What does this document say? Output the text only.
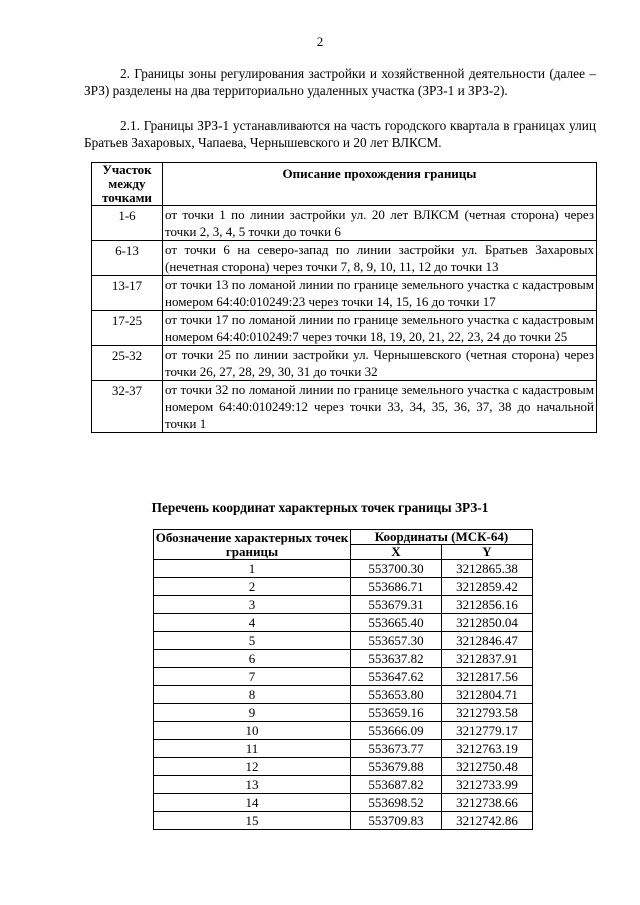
2

2. Границы зоны регулирования застройки и хозяйственной деятельности (далее – ЗРЗ) разделены на два территориально удаленных участка (ЗРЗ-1 и ЗРЗ-2).

2.1. Границы ЗРЗ-1 устанавливаются на часть городского квартала в границах улиц Братьев Захаровых, Чапаева, Чернышевского и 20 лет ВЛКСМ.

Участок между точками	Описание прохождения границы
1-6	от точки 1 по линии застройки ул. 20 лет ВЛКСМ (четная сторона) через точки 2, 3, 4, 5 точки до точки 6
6-13	от точки 6 на северо-запад по линии застройки ул. Братьев Захаровых (нечетная сторона) через точки 7, 8, 9, 10, 11, 12 до точки 13
13-17	от точки 13 по ломаной линии по границе земельного участка с кадастровым номером 64:40:010249:23 через точки 14, 15, 16 до точки 17
17-25	от точки 17 по ломаной линии по границе земельного участка с кадастровым номером 64:40:010249:7 через точки 18, 19, 20, 21, 22, 23, 24 до точки 25
25-32	от точки 25 по линии застройки ул. Чернышевского (четная сторона) через точки 26, 27, 28, 29, 30, 31 до точки 32
32-37	от точки 32 по ломаной линии по границе земельного участка с кадастровым номером 64:40:010249:12 через точки 33, 34, 35, 36, 37, 38 до начальной точки 1
Перечень координат характерных точек границы ЗРЗ-1
Обозначение характерных точек границы	Координаты (МСК-64)	
	X	Y
1	553700.30	3212865.38
2	553686.71	3212859.42
3	553679.31	3212856.16
4	553665.40	3212850.04
5	553657.30	3212846.47
6	553637.82	3212837.91
7	553647.62	3212817.56
8	553653.80	3212804.71
9	553659.16	3212793.58
10	553666.09	3212779.17
11	553673.77	3212763.19
12	553679.88	3212750.48
13	553687.82	3212733.99
14	553698.52	3212738.66
15	553709.83	3212742.86
